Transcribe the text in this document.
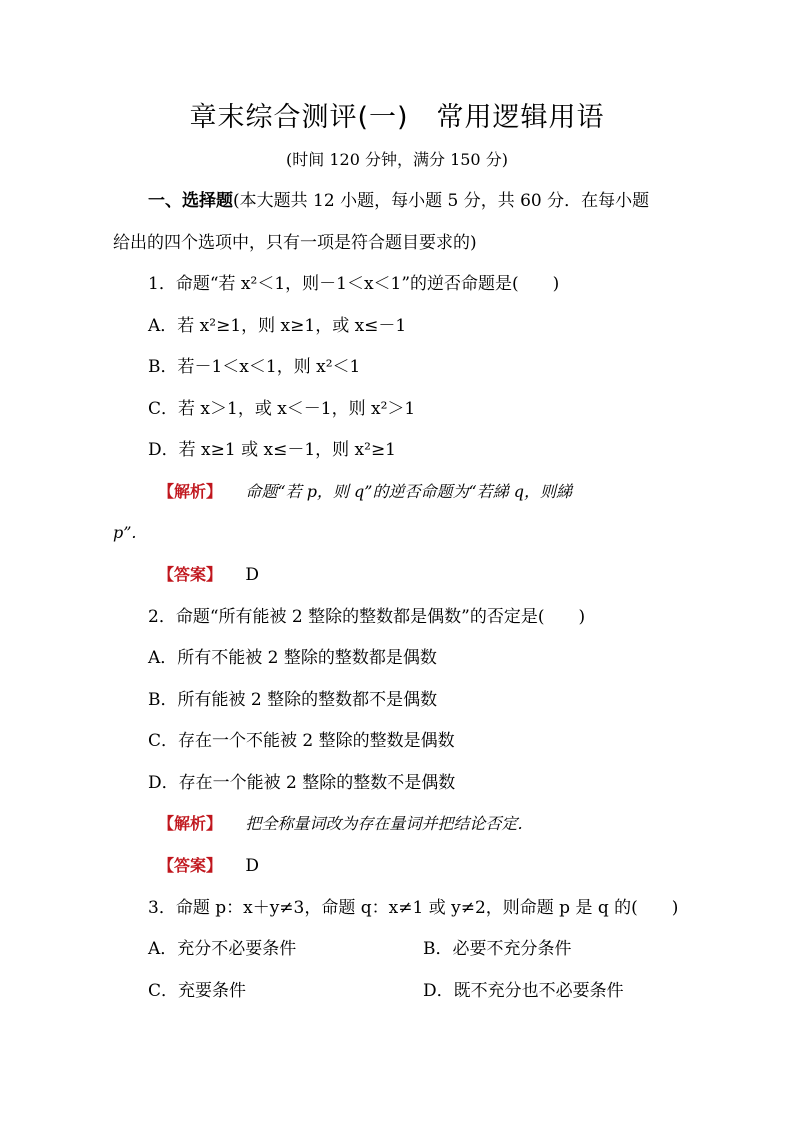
章末综合测评(一)　常用逻辑用语
(时间 120 分钟，满分 150 分)
一、选择题(本大题共 12 小题，每小题 5 分，共 60 分．在每小题
给出的四个选项中，只有一项是符合题目要求的)
1．命题“若 x²＜1，则－1＜x＜1”的逆否命题是(　　)
A．若 x²≥1，则 x≥1，或 x≤－1
B．若－1＜x＜1，则 x²＜1
C．若 x＞1，或 x＜－1，则 x²＞1
D．若 x≥1 或 x≤－1，则 x²≥1
【解析】 命题“若 p，则 q”的逆否命题为“若綈 q，则綈
p”.
【答案】 D
2．命题“所有能被 2 整除的整数都是偶数”的否定是(　　)
A．所有不能被 2 整除的整数都是偶数
B．所有能被 2 整除的整数都不是偶数
C．存在一个不能被 2 整除的整数是偶数
D．存在一个能被 2 整除的整数不是偶数
【解析】 把全称量词改为存在量词并把结论否定．
【答案】 D
3．命题 p：x＋y≠3，命题 q：x≠1 或 y≠2，则命题 p 是 q 的(　　)
A．充分不必要条件	B．必要不充分条件
C．充要条件	D．既不充分也不必要条件
